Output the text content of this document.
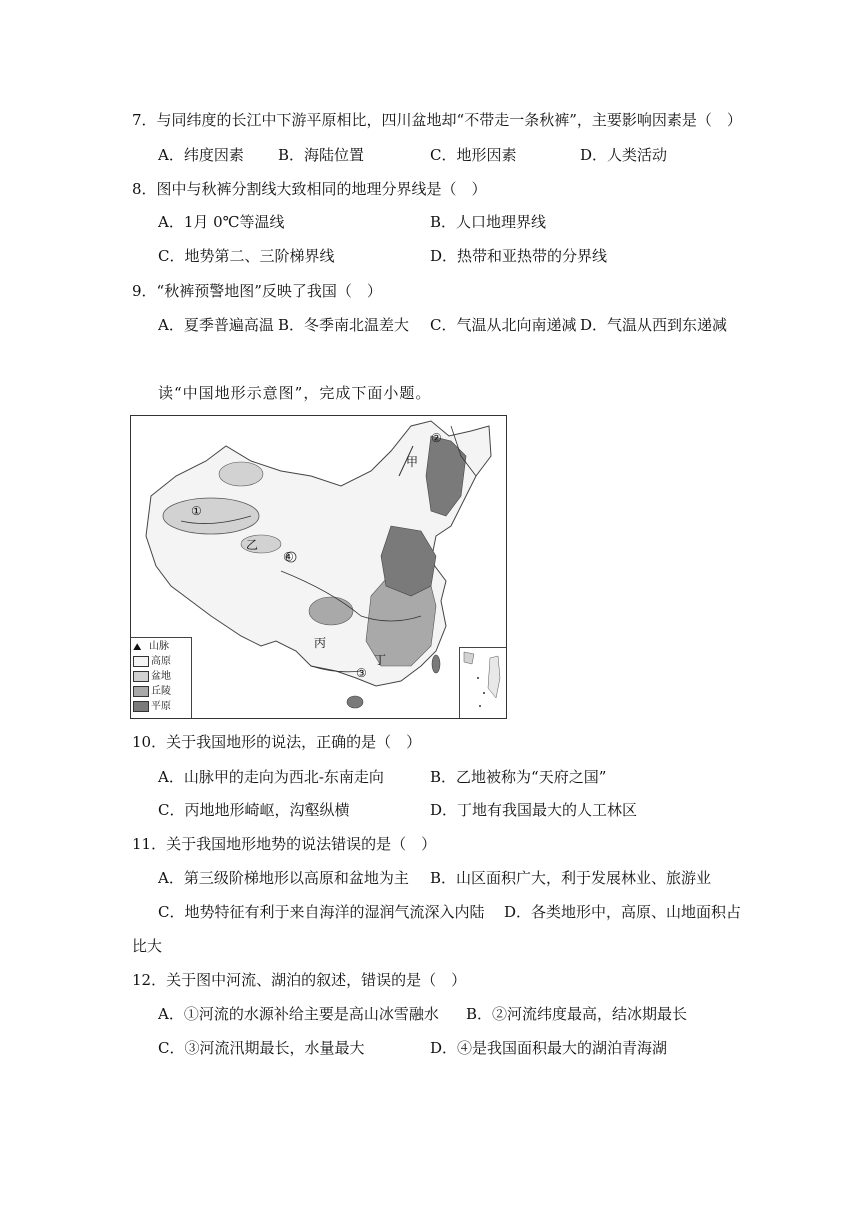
7．与同纬度的长江中下游平原相比，四川盆地却“不带走一条秋裤”，主要影响因素是（　）
A．纬度因素 B．海陆位置	C．地形因素	D．人类活动
8．图中与秋裤分割线大致相同的地理分界线是（　）
A．1月 0℃等温线	B．人口地理界线
C．地势第二、三阶梯界线	D．热带和亚热带的分界线
9．“秋裤预警地图”反映了我国（　）
A．夏季普遍高温 B．冬季南北温差大 C．气温从北向南递减 D．气温从西到东递减
读“中国地形示意图”，完成下面小题。
①
②
③
④
甲
乙
丙
丁
⛰ 山脉
高原
盆地
丘陵
平原
10．关于我国地形的说法，正确的是（　）
A．山脉甲的走向为西北-东南走向	B．乙地被称为“天府之国”
C．丙地地形崎岖，沟壑纵横	D．丁地有我国最大的人工林区
11．关于我国地形地势的说法错误的是（　）
A．第三级阶梯地形以高原和盆地为主 B．山区面积广大，利于发展林业、旅游业
C．地势特征有利于来自海洋的湿润气流深入内陆 D．各类地形中，高原、山地面积占
比大
12．关于图中河流、湖泊的叙述，错误的是（　）
A．①河流的水源补给主要是高山冰雪融水 B．②河流纬度最高，结冰期最长
C．③河流汛期最长，水量最大	D．④是我国面积最大的湖泊青海湖
